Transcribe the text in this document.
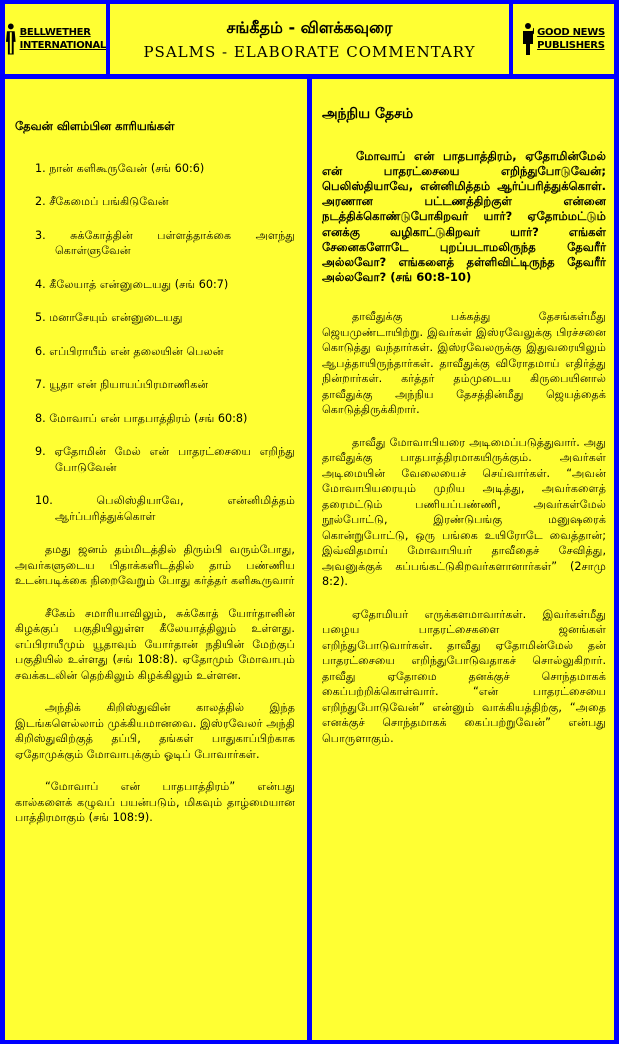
BELLWETHER
INTERNATIONAL
சங்கீதம் - விளக்கவுரை
PSALMS - ELABORATE COMMENTARY
GOOD NEWS
PUBLISHERS
தேவன் விளம்பின காரியங்கள்
1. நான் களிகூருவேன் (சங் 60:6)
2. சீகேமைப் பங்கிடுவேன்
3. சுக்கோத்தின் பள்ளத்தாக்கை அளந்து கொள்ளுவேன்
4. கீலேயாத் என்னுடையது (சங் 60:7)
5. மனாசேயும் என்னுடையது
6. எப்பிராயீம் என் தலையின் பெலன்
7. யூதா என் நியாயப்பிரமாணிகன்
8. மோவாப் என் பாதபாத்திரம் (சங் 60:8)
9. ஏதோமின் மேல் என் பாதரட்சையை எறிந்து போடுவேன்
10. பெலிஸ்தியாவே, என்னிமித்தம் ஆர்ப்பரித்துக்கொள்

தமது ஜனம் தம்மிடத்தில் திரும்பி வரும்போது, அவர்களுடைய பிதாக்களிடத்தில் தாம் பண்ணிய உடன்படிக்கை நிறைவேறும் போது கர்த்தர் களிகூருவார்

சீகேம் சமாரியாவிலும், சுக்கோத் யோர்தானின் கிழக்குப் பகுதியிலுள்ள கீலேயாத்திலும் உள்ளது. எப்பிராயீமும் யூதாவும் யோர்தான் நதியின் மேற்குப் பகுதியில் உள்ளது (சங் 108:8). ஏதோமும் மோவாபும் சவக்கடலின் தெற்கிலும் கிழக்கிலும் உள்ளன.

அந்திக் கிறிஸ்துவின் காலத்தில் இந்த இடங்களெல்லாம் முக்கியமானவை. இஸ்ரவேலர் அந்தி கிறிஸ்துவிற்குத் தப்பி, தங்கள் பாதுகாப்பிற்காக ஏதோமுக்கும் மோவாபுக்கும் ஓடிப் போவார்கள்.

“மோவாப் என் பாதபாத்திரம்” என்பது கால்களைக் கழுவப் பயன்படும், மிகவும் தாழ்மையான பாத்திரமாகும் (சங் 108:9).

அந்நிய தேசம்

மோவாப் என் பாதபாத்திரம், ஏதோமின்மேல் என் பாதரட்சையை எறிந்துபோடுவேன்; பெலிஸ்தியாவே, என்னிமித்தம் ஆர்ப்பரித்துக்கொள். அரணான பட்டணத்திற்குள் என்னை நடத்திக்கொண்டுபோகிறவர் யார்? ஏதோம்மட்டும் எனக்கு வழிகாட்டுகிறவர் யார்? எங்கள் சேனைகளோடே புறப்படாமலிருந்த தேவரீர் அல்லவோ? எங்களைத் தள்ளிவிட்டிருந்த தேவரீர் அல்லவோ? (சங் 60:8-10)

தாவீதுக்கு பக்கத்து தேசங்கள்மீது ஜெயமுண்டாயிற்று. இவர்கள் இஸ்ரவேலுக்கு பிரச்சனை கொடுத்து வந்தார்கள். இஸ்ரவேலருக்கு இதுவரையிலும் ஆபத்தாயிருந்தார்கள். தாவீதுக்கு விரோதமாய் எதிர்த்து நின்றார்கள். கர்த்தர் தம்முடைய கிருபையினால் தாவீதுக்கு அந்நிய தேசத்தின்மீது ஜெயத்தைக் கொடுத்திருக்கிறார்.

தாவீது மோவாபியரை அடிமைப்படுத்துவார். அது தாவீதுக்கு பாதபாத்திரமாகயிருக்கும். அவர்கள் அடிமையின் வேலையைச் செய்வார்கள். “அவன் மோவாபியரையும் முறிய அடித்து, அவர்களைத் தரைமட்டும் பணியப்பண்ணி, அவர்கள்மேல் நூல்போட்டு, இரண்டுபங்கு மனுஷரைக் கொன்றுபோட்டு, ஒரு பங்கை உயிரோடே வைத்தான்; இவ்விதமாய் மோவாபியர் தாவீதைச் சேவித்து, அவனுக்குக் கப்பங்கட்டுகிறவர்களானார்கள்” (2சாமு 8:2).

ஏதோமியர் எருக்களமாவார்கள். இவர்கள்மீது பழைய பாதரட்சைகளை ஜனங்கள் எறிந்துபோடுவார்கள். தாவீது ஏதோமின்மேல் தன் பாதரட்சையை எறிந்துபோடுவதாகச் சொல்லுகிறார். தாவீது ஏதோமை தனக்குச் சொந்தமாகக் கைப்பற்றிக்கொள்வார். “என் பாதரட்சையை எறிந்துபோடுவேன்” என்னும் வாக்கியத்திற்கு, “அதை எனக்குச் சொந்தமாகக் கைப்பற்றுவேன்” என்பது பொருளாகும்.
